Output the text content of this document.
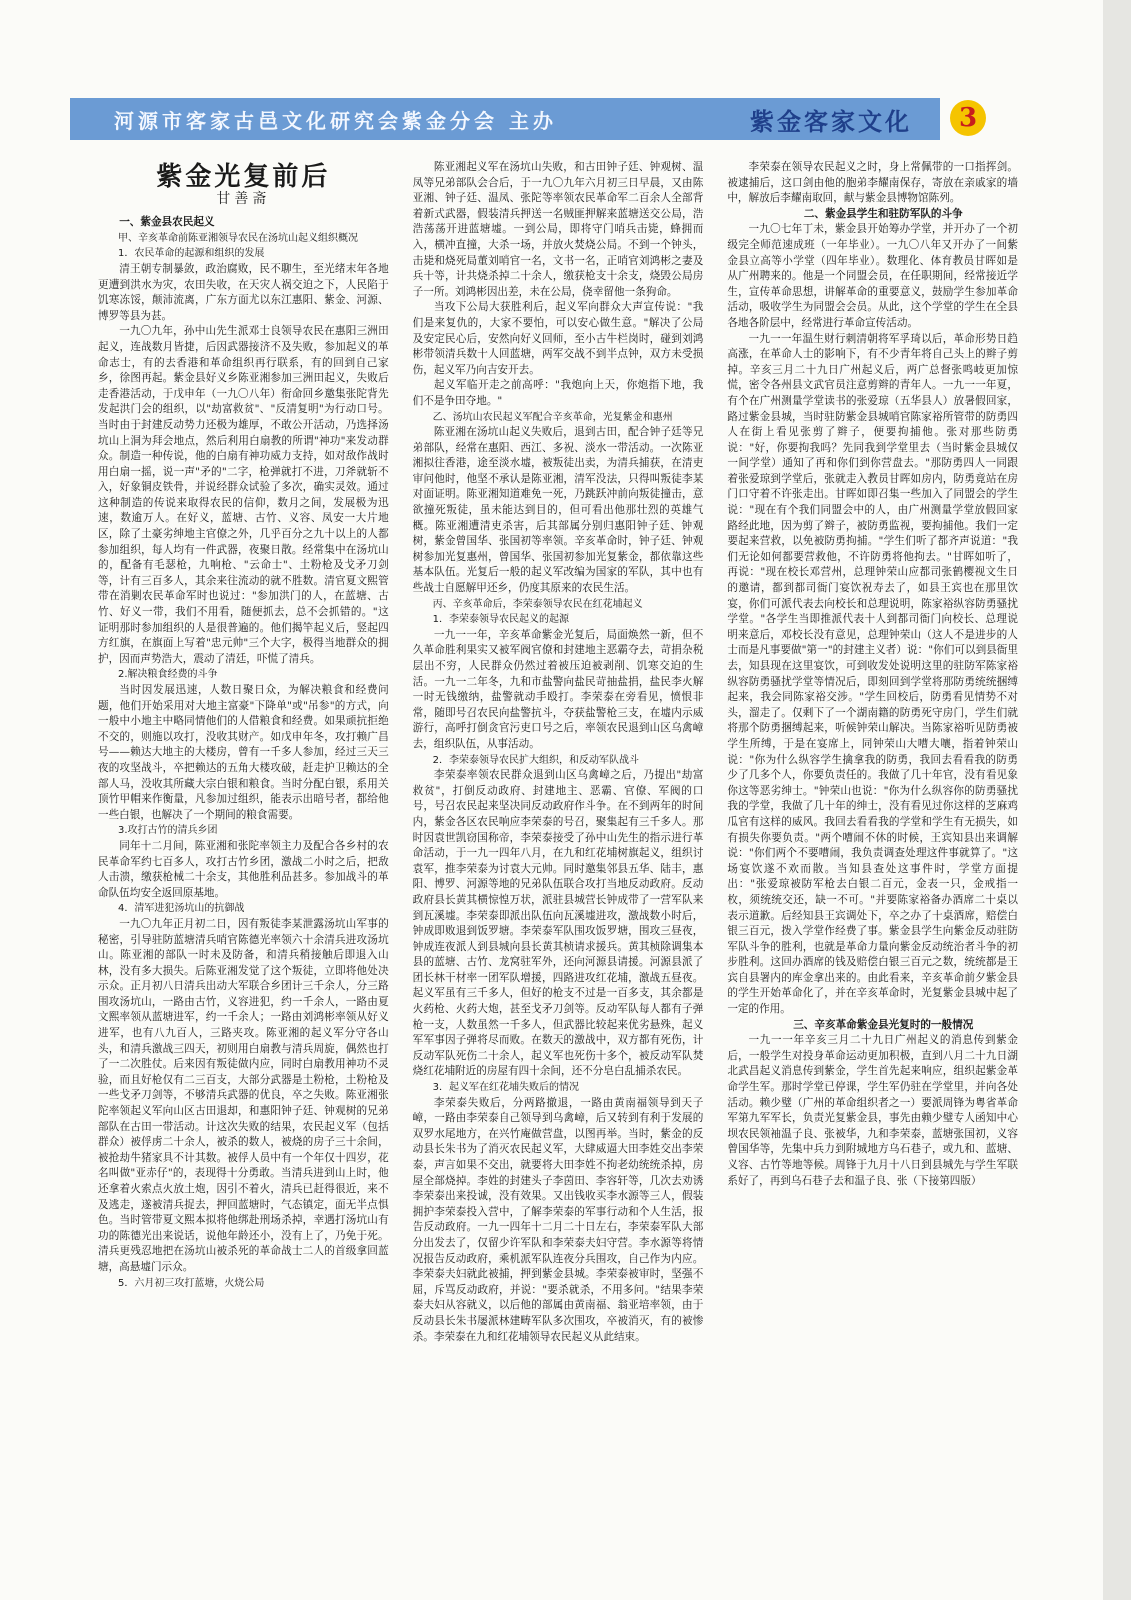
河源市客家古邑文化研究会紫金分会 主办	紫金客家文化	3
紫金光复前后
甘善斋

一、紫金县农民起义

甲、辛亥革命前陈亚湘领导农民在汤坑山起义组织概况

1．农民革命的起源和组织的发展

清王朝专制暴敛，政治腐败，民不聊生，至光绪末年各地更遭到洪水为灾，农田失收，在天灾人祸交迫之下，人民陷于饥寒冻馁，颠沛流离，广东方面尤以东江惠阳、紫金、河源、博罗等县为甚。

一九〇九年，孙中山先生派邓士良领导农民在惠阳三洲田起义，连战数月皆捷，后因武器接济不及失败，参加起义的革命志士，有的去香港和革命组织再行联系，有的回到自己家乡，徐图再起。紫金县好义乡陈亚湘参加三洲田起义，失败后走香港活动，于戊申年（一九〇八年）衔命回乡邀集张陀背先发起洪门会的组织，以"劫富救贫"、"反清复明"为行动口号。当时由于封建反动势力还极为雄厚，不敢公开活动，乃选择汤坑山上洞为拜会地点，然后利用白扇教的所谓"神功"来发动群众。制造一种传说，他的白扇有神功威力支持，如对敌作战时用白扇一摇，说一声"矛的"二字，枪弹就打不进，刀斧就斩不入，好象铜皮铁骨，并说经群众试验了多次，确实灵效。通过这种制造的传说来取得农民的信仰，数月之间，发展极为迅速，数逾万人。在好义，蓝塘、古竹、义容、凤安一大片地区，除了土豪劣绅地主官僚之外，几乎百分之九十以上的人都参加组织，每人均有一件武器，夜聚日散。经常集中在汤坑山的，配备有毛瑟枪，九响枪、"云命士"、土粉枪及戈矛刀剑等，计有三百多人，其余来往流动的就不胜数。清官夏文熙管带在消剿农民革命军时也说过："参加洪门的人，在蓝塘、古竹、好义一带，我们不用看，随便抓去，总不会抓错的。"这证明那时参加组织的人是很普遍的。他们揭竿起义后，竖起四方红旗，在旗面上写着"忠元帅"三个大字，极得当地群众的拥护，因而声势浩大，震动了清廷，吓慌了清兵。

2.解决粮食经费的斗争

当时因发展迅速，人数日聚日众，为解决粮食和经费问题，他们开始采用对大地主富豪"下降单"或"吊参"的方式，向一般中小地主中略同情他们的人借粮食和经费。如果顽抗拒绝不交的，则施以攻打，没收其财产。如戊申年冬，攻打赖广昌号——赖达大地主的大楼房，曾有一千多人参加，经过三天三夜的攻坚战斗，卒把赖达的五角大楼攻破，赶走护卫赖达的全部人马，没收其所藏大宗白银和粮食。当时分配白银，系用关顶竹甲帽来作衡量，凡参加过组织，能表示出暗号者，都给他一些白银，也解决了一个期间的粮食需要。

3.攻打古竹的清兵乡团

同年十二月间，陈亚湘和张陀率领主力及配合各乡村的农民革命军约七百多人，攻打古竹乡团，激战二小时之后，把敌人击溃，缴获枪械二十余支，其他胜利品甚多。参加战斗的革命队伍均安全返回原基地。

4．清军进犯汤坑山的抗御战

一九〇九年正月初二日，因有叛徒李某泄露汤坑山军事的秘密，引导驻防蓝塘清兵哨官陈德光率领六十余清兵进攻汤坑山。陈亚湘的部队一时未及防备，和清兵稍接触后即退入山林，没有多大损失。后陈亚湘发觉了这个叛徒，立即将他处决示众。正月初八日清兵出动大军联合乡团计三千余人，分三路围攻汤坑山，一路由古竹，义容进犯，约一千余人，一路由夏文熙率领从蓝塘进军，约一千余人；一路由刘鸿彬率领从好义进军，也有八九百人，三路夹攻。陈亚湘的起义军分守各山头，和清兵激战三四天，初则用白扇教与清兵周旋，偶然也打了一二次胜仗。后来因有叛徒做内应，同时白扇教用神功不灵验，而且好枪仅有二三百支，大部分武器是土粉枪，土粉枪及一些戈矛刀剑等，不够清兵武器的优良，卒之失败。陈亚湘张陀率领起义军向山区古田退却，和惠阳钟子廷、钟观树的兄弟部队在古田一带活动。计这次失败的结果，农民起义军（包括群众）被俘虏二十余人，被杀的数人，被烧的房子三十余间，被抢劫牛猪家具不计其数。被俘人员中有一个年仅十四岁，花名叫做"亚赤仔"的，表现得十分勇敢。当清兵进到山上时，他还拿着火索点火放土炮，因引不着火，清兵已赶得很近，来不及逃走，遂被清兵捉去，押回蓝塘时，气态镇定，面无半点惧色。当时管带夏文熙本拟将他绑赴刑场杀掉，幸遇打汤坑山有功的陈德光出来说话，说他年龄还小，没有上了，乃免于死。清兵更残忍地把在汤坑山被杀死的革命战士二人的首级拿回蓝塘，高悬墟门示众。

5．六月初三攻打蓝塘，火烧公局

陈亚湘起义军在汤坑山失败，和古田钟子廷、钟观树、温凤等兄弟部队会合后，于一九〇九年六月初三日早晨，又由陈亚湘、钟子廷、温凤、张陀等率领农民革命军二百余人全部背着新式武器，假装清兵押送一名贼匪押解来蓝塘送交公局，浩浩荡荡开进蓝塘墟。一到公局，即将守门哨兵击毙，蜂拥而入，横冲直撞，大杀一场，并放火焚烧公局。不到一个钟头，击毙和烧死局董刘哨官一名，文书一名，正哨官刘鸿彬之妻及兵十等，计共烧杀掉二十余人，缴获枪支十余支，烧毁公局房子一所。刘鸿彬因出差，未在公局，侥幸留他一条狗命。

当攻下公局大获胜利后，起义军向群众大声宣传说："我们是来复仇的，大家不要怕，可以安心做生意。"解决了公局及安定民心后，安然向好义回师，至小古牛栏岗时，碰到刘鸿彬带领清兵数十人回蓝塘，两军交战不到半点钟，双方未受损伤，起义军乃向吉安开去。

起义军临开走之前高呼："我炮向上天，你炮指下地，我们不是争田夺地。"

乙、汤坑山农民起义军配合辛亥革命，光复紫金和惠州

陈亚湘在汤坑山起义失败后，退到古田，配合钟子廷等兄弟部队，经常在惠阳、西江、多祝、淡水一带活动。一次陈亚湘拟往香港，途至淡水墟，被叛徒出卖，为清兵捕获，在清吏审问他时，他坚不承认是陈亚湘，清军没法，只得叫叛徒李某对面证明。陈亚湘知道难免一死，乃跳跃冲前向叛徒撞击，意欲撞死叛徒，虽未能达到目的，但可看出他那壮烈的英雄气概。陈亚湘遭清吏杀害，后其部属分别归惠阳钟子廷、钟观树，紫金曾国华、张国初等率领。辛亥革命时，钟子廷、钟观树参加光复惠州，曾国华、张国初参加光复紫金，都依靠这些基本队伍。光复后一般的起义军改编为国家的军队，其中也有些战士自愿解甲还乡，仍度其原来的农民生活。

丙、辛亥革命后，李荣泰领导农民在红花埔起义

1．李荣泰领导农民起义的起源

一九一一年，辛亥革命紫金光复后，局面焕然一新，但不久革命胜利果实又被军阀官僚和封建地主恶霸夺去，苛捐杂税层出不穷，人民群众仍然过着被压迫被剥削、饥寒交迫的生活。一九一二年冬，九和市盐警向盐民苛抽盐捐，盐民李火解一时无钱缴纳，盐警就动手殴打。李荣泰在旁看见，愤恨非常，随即号召农民向盐警抗斗，夺获盐警枪三支，在墟内示威游行，高呼打倒贪官污吏口号之后，率领农民退到山区乌禽嶂去，组织队伍，从事活动。

2．李荣泰领导农民扩大组织，和反动军队战斗

李荣泰率领农民群众退到山区乌禽嶂之后，乃提出"劫富救贫"，打倒反动政府、封建地主、恶霸、官僚、军阀的口号，号召农民起来坚决同反动政府作斗争。在不到两年的时间内，紫金各区农民响应李荣泰的号召，聚集起有三千多人。那时因袁世凯窃国称帝，李荣泰接受了孙中山先生的指示进行革命活动，于一九一四年八月，在九和红花埔树旗起义，组织讨袁军，推李荣泰为讨袁大元帅。同时邀集邻县五华、陆丰，惠阳、博罗、河源等地的兄弟队伍联合攻打当地反动政府。反动政府县长黄其横惊惶万状，派驻县城营长钟成带了一营军队来到瓦溪墟。李荣泰即派出队伍向瓦溪墟进攻，激战数小时后，钟成即败退到饭罗塘。李荣泰军队围攻饭罗塘，围攻三昼夜，钟成连夜派人到县城向县长黄其桢请求援兵。黄其桢除调集本县的蓝塘、古竹、龙窝驻军外，还向河源县请援。河源县派了团长林干材率一团军队增援，四路进攻红花埔，激战五昼夜。起义军虽有三千多人，但好的枪支不过是一百多支，其余都是火药枪、火药大炮，甚至戈矛刀剑等。反动军队每人都有子弹枪一支，人数虽然一千多人，但武器比较起来优劣悬殊，起义军军事因子弹将尽而败。在数天的激战中，双方都有死伤，计反动军队死伤二十余人，起义军也死伤十多个，被反动军队焚烧红花埔附近的房屋有四十余间，还不分皂白乱捕杀农民。

3．起义军在红花埔失败后的情况

李荣泰失败后，分两路撤退，一路由黄南福领导到天子嶂，一路由李荣泰自己领导到乌禽嶂，后又转到有利于发展的双罗水尾地方，在兴竹庵做营盘，以图再举。当时，紫金的反动县长朱书为了消灭农民起义军，大肆威逼大田李姓交出李荣泰，声言如果不交出，就要将大田李姓不拘老幼统统杀掉，房屋全部烧掉。李姓的封建头子李茵田、李容轩等，几次去劝诱李荣泰出来投诚，没有效果。又出钱收买李水源等三人，假装拥护李荣泰投入营中，了解李荣泰的军事行动和个人生活，报告反动政府。一九一四年十二月二十日左右，李荣泰军队大部分出发去了，仅留少许军队和李荣泰夫妇守营。李水源等将情况报告反动政府，乘机派军队连夜分兵围攻，自己作为内应。李荣泰夫妇就此被捕，押到紫金县城。李荣泰被审时，坚强不屈，斥骂反动政府，并说："要杀就杀，不用多问。"结果李荣泰夫妇从容就义，以后他的部属由黄南福、翁亚培率领，由于反动县长朱书屡派林建畴军队多次围攻，卒被消灭，有的被惨杀。李荣泰在九和红花埔领导农民起义从此结束。

李荣泰在领导农民起义之时，身上常佩带的一口指挥剑。被逮捕后，这口剑由他的胞弟李耀南保存，寄放在亲戚家的墙中，解放后李耀南取回，献与紫金县博物馆陈列。

二、紫金县学生和驻防军队的斗争

一九〇七年丁未，紫金县开始筹办学堂，并开办了一个初级完全师范速成班（一年毕业）。一九〇八年又开办了一间紫金县立高等小学堂（四年毕业）。数理化、体育教员甘晖如是从广州聘来的。他是一个同盟会员，在任职期间，经常接近学生，宣传革命思想，讲解革命的重要意义，鼓励学生参加革命活动，吸收学生为同盟会会员。从此，这个学堂的学生在全县各地各阶层中，经常进行革命宣传活动。

一九一一年温生财行刺清朝将军孚琦以后，革命形势日趋高涨，在革命人士的影响下，有不少青年将自己头上的辫子剪掉。辛亥三月二十九日广州起义后，两广总督张鸣岐更加惊慌，密令各州县文武官员注意剪辫的青年人。一九一一年夏，有个在广州测量学堂读书的张爱琼（五华县人）放暑假回家，路过紫金县城，当时驻防紫金县城哨官陈家裕所管带的防勇四人在街上看见张剪了辫子，便要拘捕他。张对那些防勇说："好，你要拘我吗？先同我到学堂里去（当时紫金县城仅一间学堂）通知了再和你们到你营盘去。"那防勇四人一同跟着张爱琼到学堂后，张就走入教员甘晖如房内，防勇竟站在房门口守着不许张走出。甘晖如即召集一些加入了同盟会的学生说："现在有个我们同盟会中的人，由广州测量学堂放假回家路经此地，因为剪了辫子，被防勇监视，要拘捕他。我们一定要起来营救，以免被防勇拘捕。"学生们听了都齐声说道："我们无论如何都要营救他，不许防勇将他拘去。"甘晖如听了，再说："现在校长邓营州，总理钟荣山应都司张鹤樱视文生日的邀请，都到都司衙门宴饮祝寿去了，如县王宾也在那里饮宴，你们可派代表去向校长和总理说明，陈家裕纵容防勇骚扰学堂。"各学生当即推派代表十人到都司衙门向校长、总理说明来意后，邓校长没有意见，总理钟荣山（这人不是进步的人士而是凡事要做"第一"的封建主义者）说："你们可以到县衙里去，知县现在这里宴饮，可到收发处说明这里的驻防军陈家裕纵容防勇骚扰学堂等情况后，即刻回到学堂将那防勇统统捆缚起来，我会同陈家裕交涉。"学生回校后，防勇看见情势不对头，溜走了。仅剩下了一个湖南籍的防勇死守房门，学生们就将那个防勇捆缚起来，听候钟荣山解决。当陈家裕听见防勇被学生所缚，于是在宴席上，同钟荣山大嘈大嚷，指着钟荣山说："你为什么纵容学生擒拿我的防勇，我回去看看我的防勇少了几多个人，你要负责任的。我做了几十年官，没有看见象你这等恶劣绅士。"钟荣山也说："你为什么纵容你的防勇骚扰我的学堂，我做了几十年的绅士，没有看见过你这样的芝麻鸡瓜官有这样的威风。我回去看看我的学堂和学生有无损失，如有损失你要负责。"两个嘈闹不休的时候，王宾知县出来调解说："你们两个不要嘈闹，我负责调查处理这件事就算了。"这场宴饮遂不欢而散。当知县查处这事件时，学堂方面提出："张爱琼被防军枪去白银二百元，金表一只，金戒指一枚，须统统交还，缺一不可。"并要陈家裕备办酒席二十桌以表示道歉。后经知县王宾调处下，卒之办了十桌酒席，赔偿白银三百元，拨入学堂作经费了事。紫金县学生向紫金反动驻防军队斗争的胜利，也就是革命力量向紫金反动统治者斗争的初步胜利。这回办酒席的钱及赔偿白银三百元之数，统统都是王宾自县署内的库金拿出来的。由此看来，辛亥革命前夕紫金县的学生开始革命化了，并在辛亥革命时，光复紫金县城中起了一定的作用。

三、辛亥革命紫金县光复时的一般情况

一九一一年辛亥三月二十九日广州起义的消息传到紫金后，一般学生对投身革命运动更加积极，直到八月二十九日湖北武昌起义消息传到紫金，学生首先起来响应，组织起紫金革命学生军。那时学堂已停课，学生军仍驻在学堂里，并向各处活动。赖少璧（广州的革命组织者之一）要派周锋为粤省革命军第九军军长，负责光复紫金县，事先由赖少璧专人函知中心坝农民领袖温子良、张被华，九和李荣泰，蓝塘张国初，义容曾国华等，先集中兵力到附城地方乌石巷子，或九和、蓝塘、义容、古竹等地等候。周锋于九月十八日到县城先与学生军联系好了，再到乌石巷子去和温子良、张（下接第四版）
